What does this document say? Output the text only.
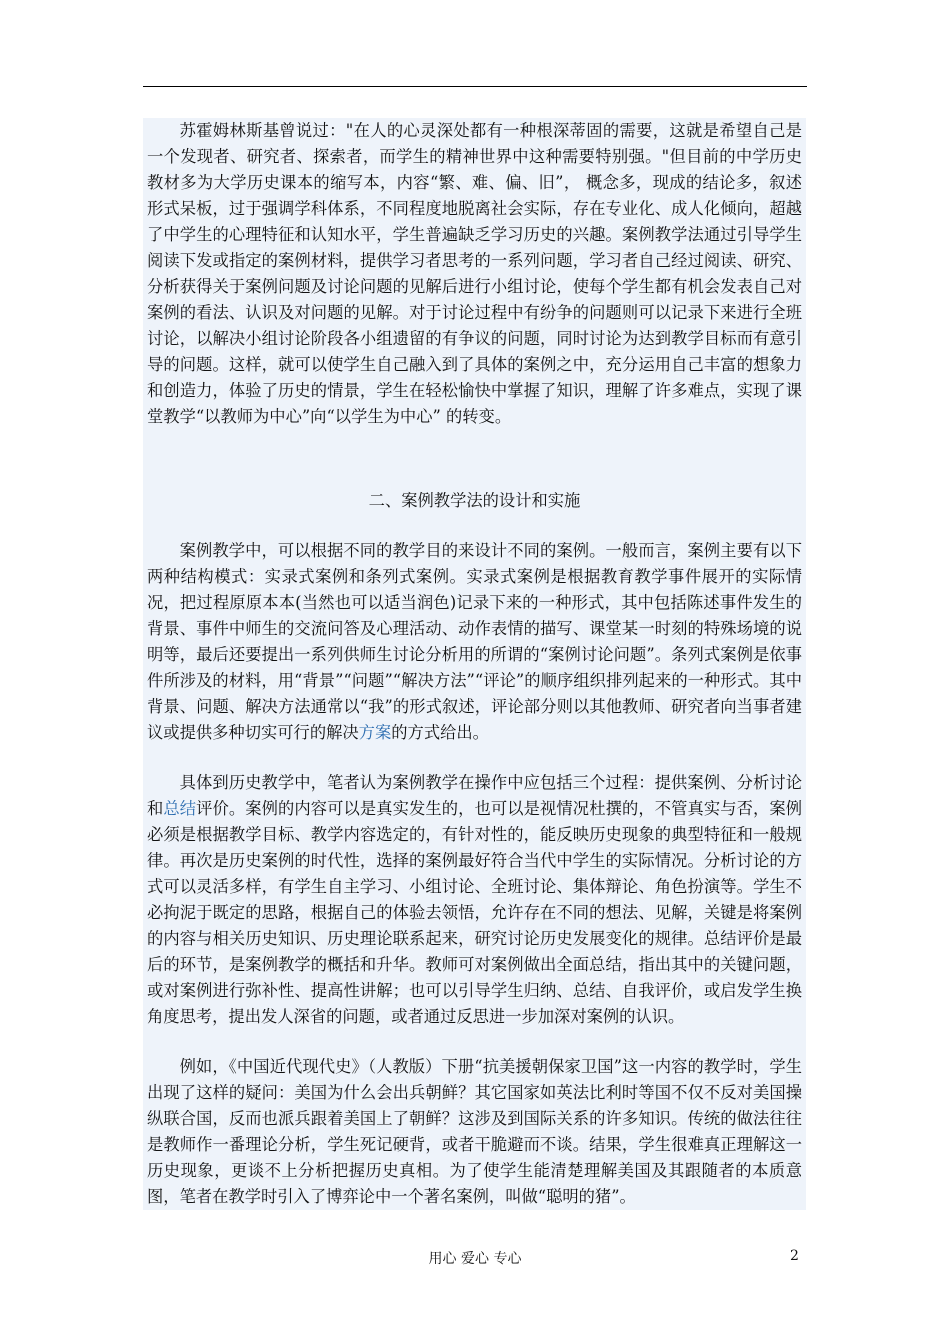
苏霍姆林斯基曾说过："在人的心灵深处都有一种根深蒂固的需要，这就是希望自己是一个发现者、研究者、探索者，而学生的精神世界中这种需要特别强。"但目前的中学历史教材多为大学历史课本的缩写本，内容“繁、难、偏、旧”， 概念多，现成的结论多，叙述形式呆板，过于强调学科体系，不同程度地脱离社会实际，存在专业化、成人化倾向，超越了中学生的心理特征和认知水平，学生普遍缺乏学习历史的兴趣。案例教学法通过引导学生阅读下发或指定的案例材料，提供学习者思考的一系列问题，学习者自己经过阅读、研究、分析获得关于案例问题及讨论问题的见解后进行小组讨论，使每个学生都有机会发表自己对案例的看法、认识及对问题的见解。对于讨论过程中有纷争的问题则可以记录下来进行全班讨论，以解决小组讨论阶段各小组遗留的有争议的问题，同时讨论为达到教学目标而有意引导的问题。这样，就可以使学生自己融入到了具体的案例之中，充分运用自己丰富的想象力和创造力，体验了历史的情景，学生在轻松愉快中掌握了知识，理解了许多难点，实现了课堂教学“以教师为中心”向“以学生为中心” 的转变。

二、案例教学法的设计和实施

案例教学中，可以根据不同的教学目的来设计不同的案例。一般而言，案例主要有以下两种结构模式：实录式案例和条列式案例。实录式案例是根据教育教学事件展开的实际情况，把过程原原本本(当然也可以适当润色)记录下来的一种形式，其中包括陈述事件发生的背景、事件中师生的交流问答及心理活动、动作表情的描写、课堂某一时刻的特殊场境的说明等，最后还要提出一系列供师生讨论分析用的所谓的“案例讨论问题”。条列式案例是依事件所涉及的材料，用“背景”“问题”“解决方法”“评论”的顺序组织排列起来的一种形式。其中背景、问题、解决方法通常以“我”的形式叙述，评论部分则以其他教师、研究者向当事者建议或提供多种切实可行的解决方案的方式给出。

具体到历史教学中，笔者认为案例教学在操作中应包括三个过程：提供案例、分析讨论和总结评价。案例的内容可以是真实发生的，也可以是视情况杜撰的，不管真实与否，案例必须是根据教学目标、教学内容选定的，有针对性的，能反映历史现象的典型特征和一般规律。再次是历史案例的时代性，选择的案例最好符合当代中学生的实际情况。分析讨论的方式可以灵活多样，有学生自主学习、小组讨论、全班讨论、集体辩论、角色扮演等。学生不必拘泥于既定的思路，根据自己的体验去领悟，允许存在不同的想法、见解，关键是将案例的内容与相关历史知识、历史理论联系起来，研究讨论历史发展变化的规律。总结评价是最后的环节，是案例教学的概括和升华。教师可对案例做出全面总结，指出其中的关键问题，或对案例进行弥补性、提高性讲解；也可以引导学生归纳、总结、自我评价，或启发学生换角度思考，提出发人深省的问题，或者通过反思进一步加深对案例的认识。

例如，《中国近代现代史》（人教版）下册“抗美援朝保家卫国”这一内容的教学时，学生出现了这样的疑问：美国为什么会出兵朝鲜？其它国家如英法比利时等国不仅不反对美国操纵联合国，反而也派兵跟着美国上了朝鲜？这涉及到国际关系的许多知识。传统的做法往往是教师作一番理论分析，学生死记硬背，或者干脆避而不谈。结果，学生很难真正理解这一历史现象，更谈不上分析把握历史真相。为了使学生能清楚理解美国及其跟随者的本质意图，笔者在教学时引入了博弈论中一个著名案例，叫做“聪明的猪”。

用心 爱心 专心	2
